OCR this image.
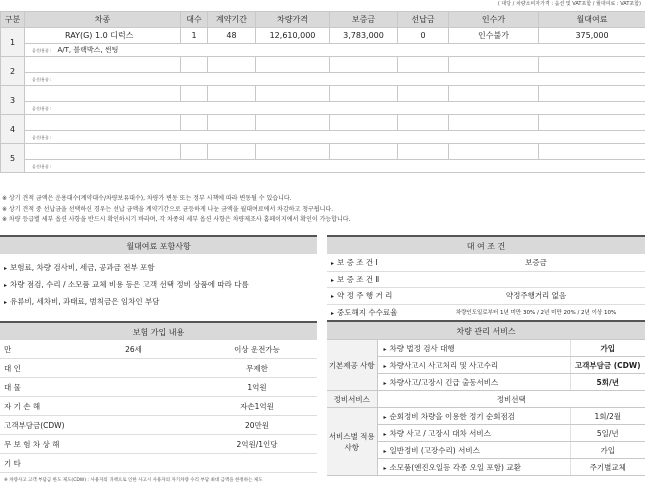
( 대당 / 차량소비자가격 : 옵션 및 VAT포함 / 월대여료 : VAT포함)
구분	차종	대수	계약기간	차량가격	보증금	선납금	인수가	월대여료
1	RAY(G) 1.0 디럭스	1	48	12,610,000	3,783,000	0	인수불가	375,000
	옵션/용품 : A/T, 블랙박스, 썬팅							
2								
	옵션/용품 :							
3								
	옵션/용품 :							
4								
	옵션/용품 :							
5								
	옵션/용품 :							

※ 상기 견적 금액은 운용대수(계약대수/차량보유대수), 차량가 변동 또는 정부 시책에 따라 변동될 수 있습니다.

※ 상기 견적 중 선납금을 선택하신 경우는 선납 금액을 계약기간으로 균등하게 나눈 금액을 월대여료에서 차감하고 청구됩니다.

※ 차량 등급별 세부 옵션 사항을 반드시 확인하시기 바라며, 각 차종의 세부 옵션 사항은 차량제조사 홈페이지에서 확인이 가능합니다.

월대여료 포함사항
▸ 보험료, 차량 검사비, 세금, 공과금 전부 포함
▸ 차량 점검, 수리 / 소모품 교체 비용 등은 고객 선택 정비 상품에 따라 다름
▸ 유류비, 세차비, 과태료, 범칙금은 임차인 부담
대 여 조 건
▸ 보 증 조 건 Ⅰ	보증금
▸ 보 증 조 건 Ⅱ
▸ 약 정 주 행 거 리	약정주행거리 없음
▸ 중도해지 수수료율	차량인도일로부터 1년 미만 30% / 2년 미만 20% / 2년 이상 10%
보험 가입 내용
만	26세	이상 운전가능
대 인	무제한
대 물	1억원
자 기 손 해	자손1억원
고객부담금(CDW)	20만원
무 보 험 차 상 해	2억원/1인당
기 타
※ 차량사고 고객 부담금 한도 제도(CDW) : 사용자의 귀책으로 인한 사고시 사용자의 자기차량 수리 부담 최대 금액을 한정하는 제도
차량 관리 서비스
기본제공 사항	▸ 차량 법정 검사 대행	가입
	▸ 차량사고시 사고처리 및 사고수리	고객부담금 (CDW)
	▸ 차량사고/고장시 긴급 출동서비스	5회/년
정비서비스	정비선택	
서비스별 적용사항	▸ 순회정비 차량을 이용한 정기 순회점검	1회/2월
	▸ 차량 사고 / 고장시 대차 서비스	5일/년
	▸ 일반정비 (고장수리) 서비스	가입
	▸ 소모품(엔진오일등 각종 오일 포함) 교환	주기별교체
